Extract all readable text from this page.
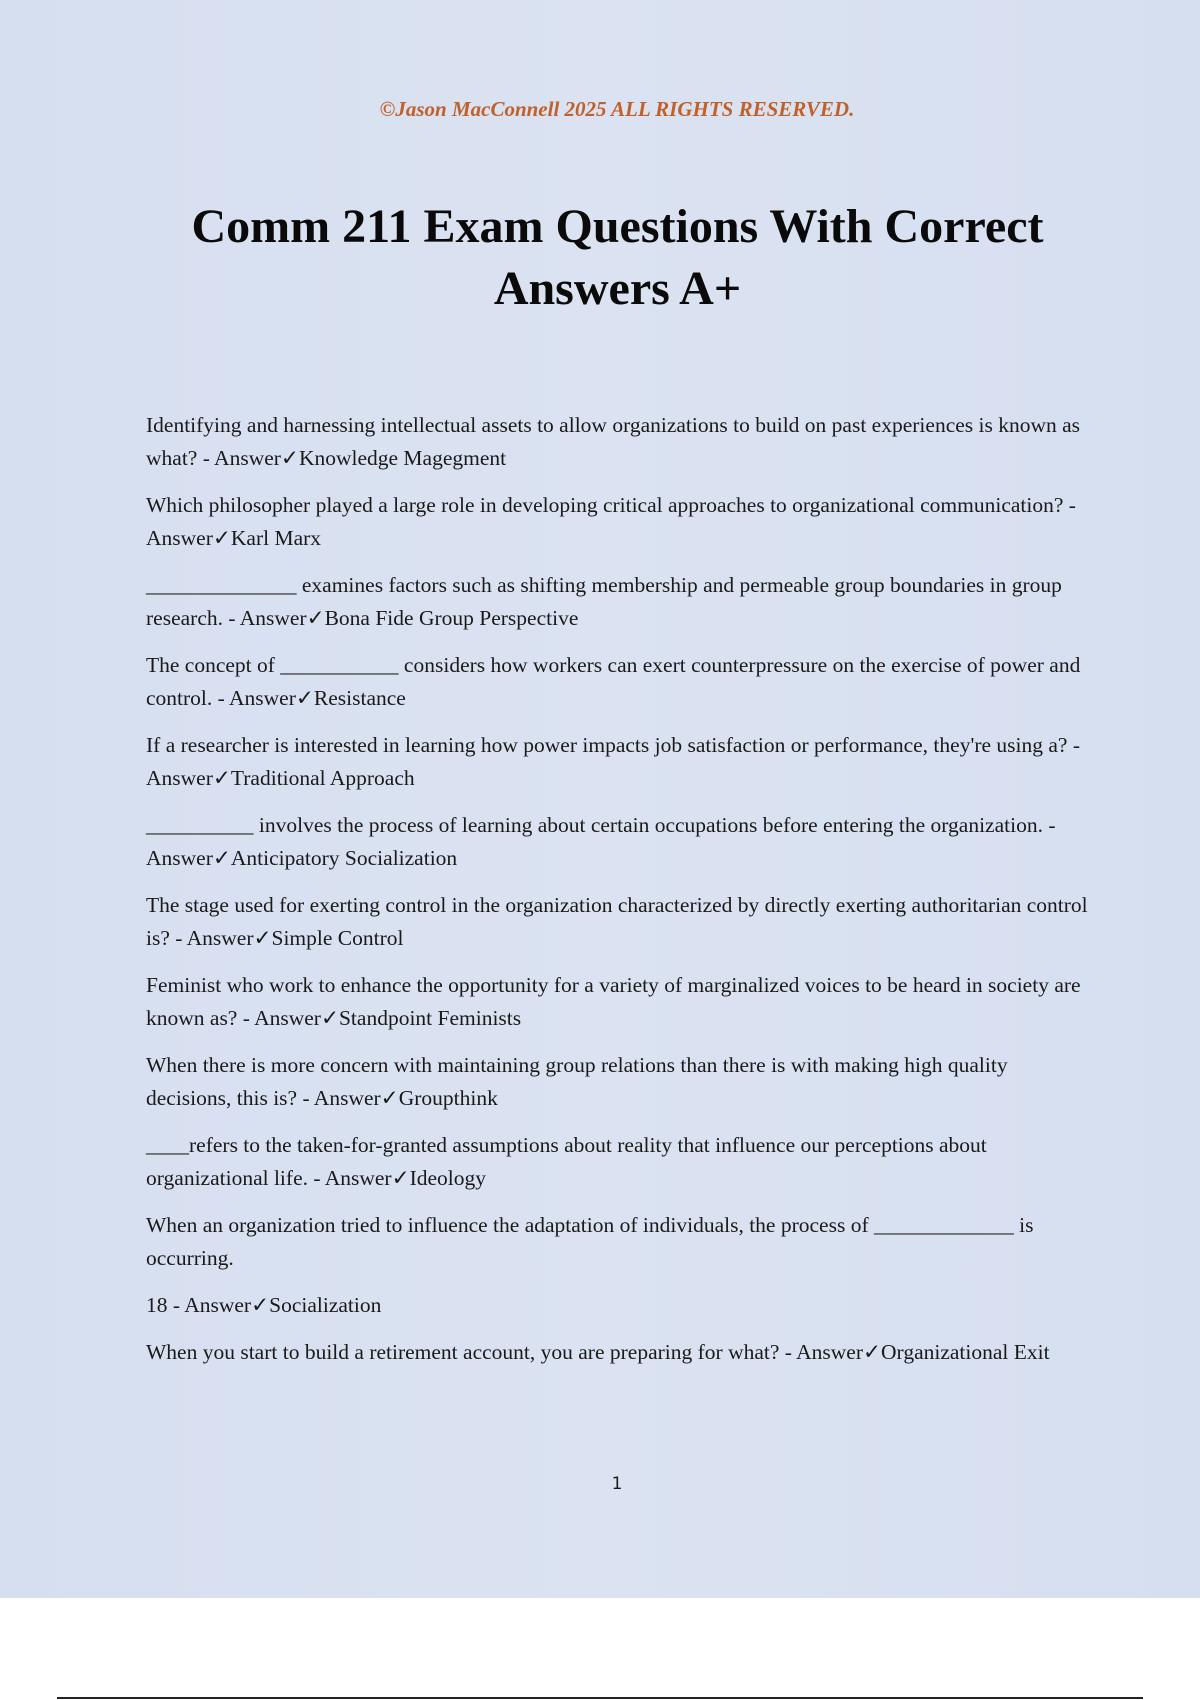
©Jason MacConnell 2025 ALL RIGHTS RESERVED.

Comm 211 Exam Questions With Correct Answers A+
Identifying and harnessing intellectual assets to allow organizations to build on past experiences is known as what? - Answer✓Knowledge Magegment
Which philosopher played a large role in developing critical approaches to organizational communication? - Answer✓Karl Marx
______________ examines factors such as shifting membership and permeable group boundaries in group research. - Answer✓Bona Fide Group Perspective
The concept of ___________ considers how workers can exert counterpressure on the exercise of power and control. - Answer✓Resistance
If a researcher is interested in learning how power impacts job satisfaction or performance, they're using a? - Answer✓Traditional Approach
__________ involves the process of learning about certain occupations before entering the organization. - Answer✓Anticipatory Socialization
The stage used for exerting control in the organization characterized by directly exerting authoritarian control is? - Answer✓Simple Control
Feminist who work to enhance the opportunity for a variety of marginalized voices to be heard in society are known as? - Answer✓Standpoint Feminists
When there is more concern with maintaining group relations than there is with making high quality decisions, this is? - Answer✓Groupthink
____refers to the taken-for-granted assumptions about reality that influence our perceptions about organizational life. - Answer✓Ideology
When an organization tried to influence the adaptation of individuals, the process of _____________ is occurring.
18 - Answer✓Socialization
When you start to build a retirement account, you are preparing for what? - Answer✓Organizational Exit
1
